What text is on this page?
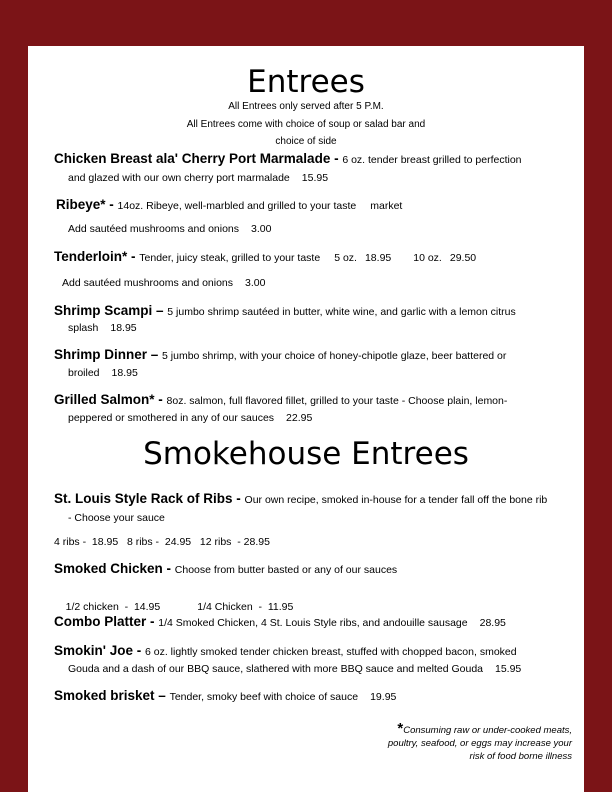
Entrees
All Entrees only served after 5 P.M.
All Entrees come with choice of soup or salad bar and
choice of side
Chicken Breast ala' Cherry Port Marmalade - 6 oz. tender breast grilled to perfection
and glazed with our own cherry port marmalade 15.95
Ribeye* - 14oz. Ribeye, well-marbled and grilled to your taste market
Add sautéed mushrooms and onions 3.00
Tenderloin* - Tender, juicy steak, grilled to your taste 5 oz. 18.95 10 oz. 29.50
Add sautéed mushrooms and onions 3.00
Shrimp Scampi – 5 jumbo shrimp sautéed in butter, white wine, and garlic with a lemon citrus
splash 18.95
Shrimp Dinner – 5 jumbo shrimp, with your choice of honey-chipotle glaze, beer battered or
broiled 18.95
Grilled Salmon* - 8oz. salmon, full flavored fillet, grilled to your taste - Choose plain, lemon-
peppered or smothered in any of our sauces 22.95
Smokehouse Entrees
St. Louis Style Rack of Ribs - Our own recipe, smoked in-house for a tender fall off the bone rib
- Choose your sauce
4 ribs -  18.95   8 ribs -  24.95   12 ribs  - 28.95
Smoked Chicken - Choose from butter basted or any of our sauces

1/2 chicken  -  14.95	1/4 Chicken  -  11.95

Combo Platter - 1/4 Smoked Chicken, 4 St. Louis Style ribs, and andouille sausage 28.95
Smokin' Joe - 6 oz. lightly smoked tender chicken breast, stuffed with chopped bacon, smoked
Gouda and a dash of our BBQ sauce, slathered with more BBQ sauce and melted Gouda 15.95
Smoked brisket – Tender, smoky beef with choice of sauce 19.95
*Consuming raw or under-cooked meats,
poultry, seafood, or eggs may increase your
risk of food borne illness
